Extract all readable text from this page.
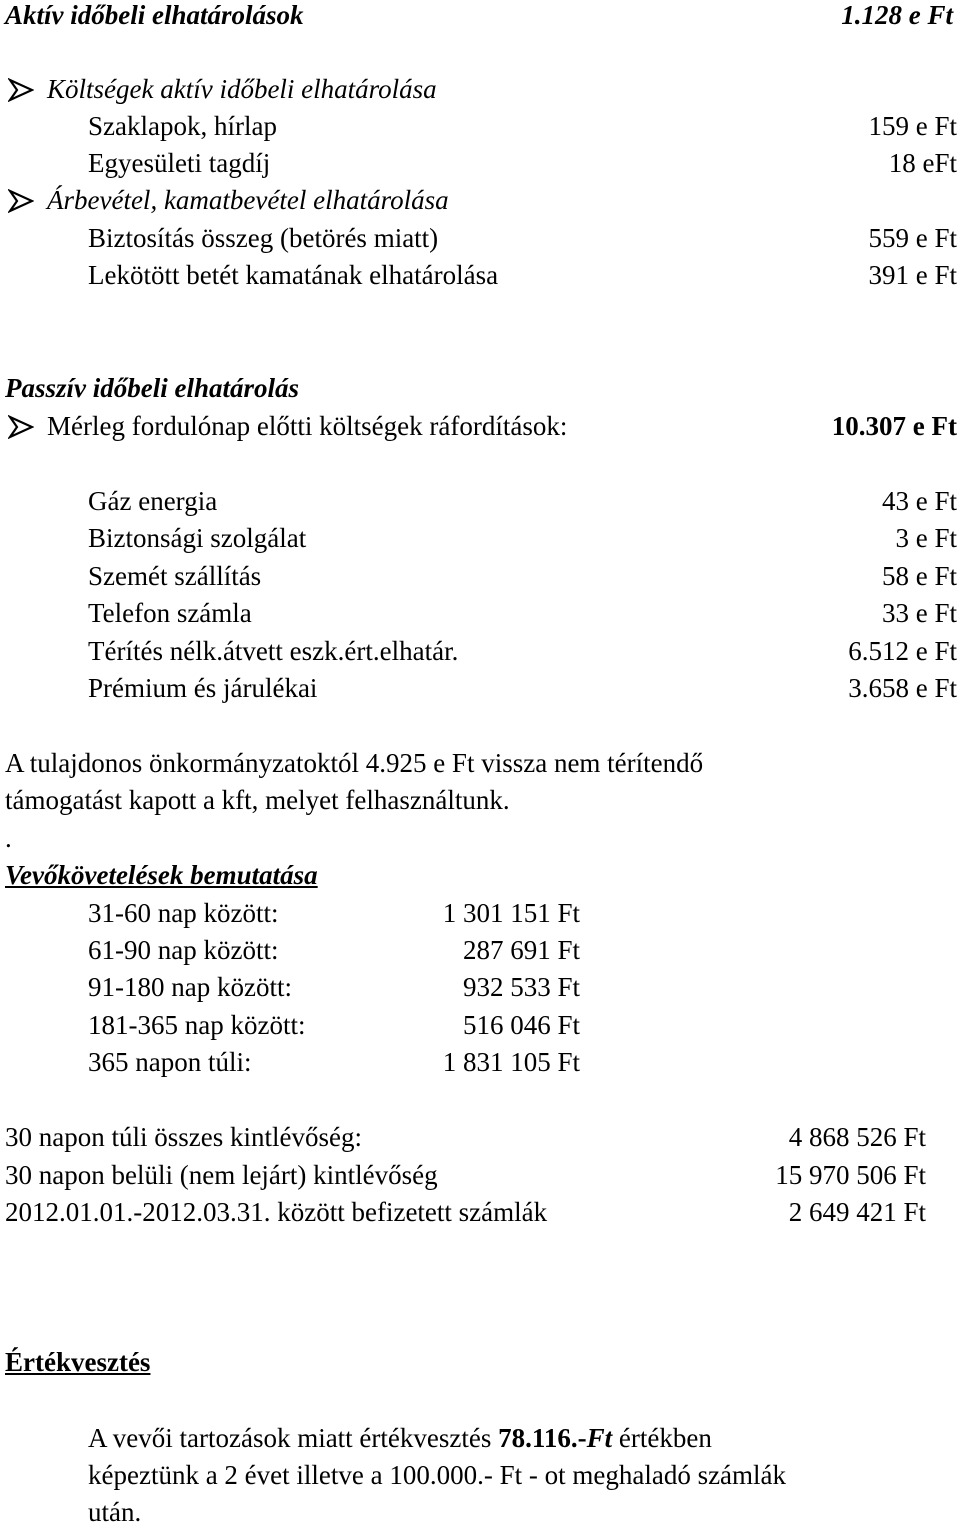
Aktív időbeli elhatárolások	1.128 e Ft
Költségek aktív időbeli elhatárolása
Szaklapok, hírlap	159 e Ft
Egyesületi tagdíj	18 eFt
Árbevétel, kamatbevétel elhatárolása
Biztosítás összeg (betörés miatt)	559 e Ft
Lekötött betét kamatának elhatárolása	391 e Ft
Passzív időbeli elhatárolás
Mérleg fordulónap előtti költségek ráfordítások:	10.307 e Ft
Gáz energia	43 e Ft
Biztonsági szolgálat	3 e Ft
Szemét szállítás	58 e Ft
Telefon számla	33 e Ft
Térítés nélk.átvett eszk.ért.elhatár.	6.512 e Ft
Prémium és járulékai	3.658 e Ft
A tulajdonos önkormányzatoktól 4.925 e Ft vissza nem térítendő
támogatást kapott a kft, melyet felhasználtunk.
.
Vevőkövetelések bemutatása
31-60 nap között:	1 301 151 Ft
61-90 nap között:	287 691 Ft
91-180 nap között:	932 533 Ft
181-365 nap között:	516 046 Ft
365 napon túli:	1 831 105 Ft
30 napon túli összes kintlévőség:	4 868 526 Ft
30 napon belüli (nem lejárt) kintlévőség	15 970 506 Ft
2012.01.01.-2012.03.31. között befizetett számlák	2 649 421 Ft
Értékvesztés
A vevői tartozások miatt értékvesztés 78.116.-Ft értékben
képeztünk a 2 évet illetve a 100.000.- Ft - ot meghaladó számlák
után.
